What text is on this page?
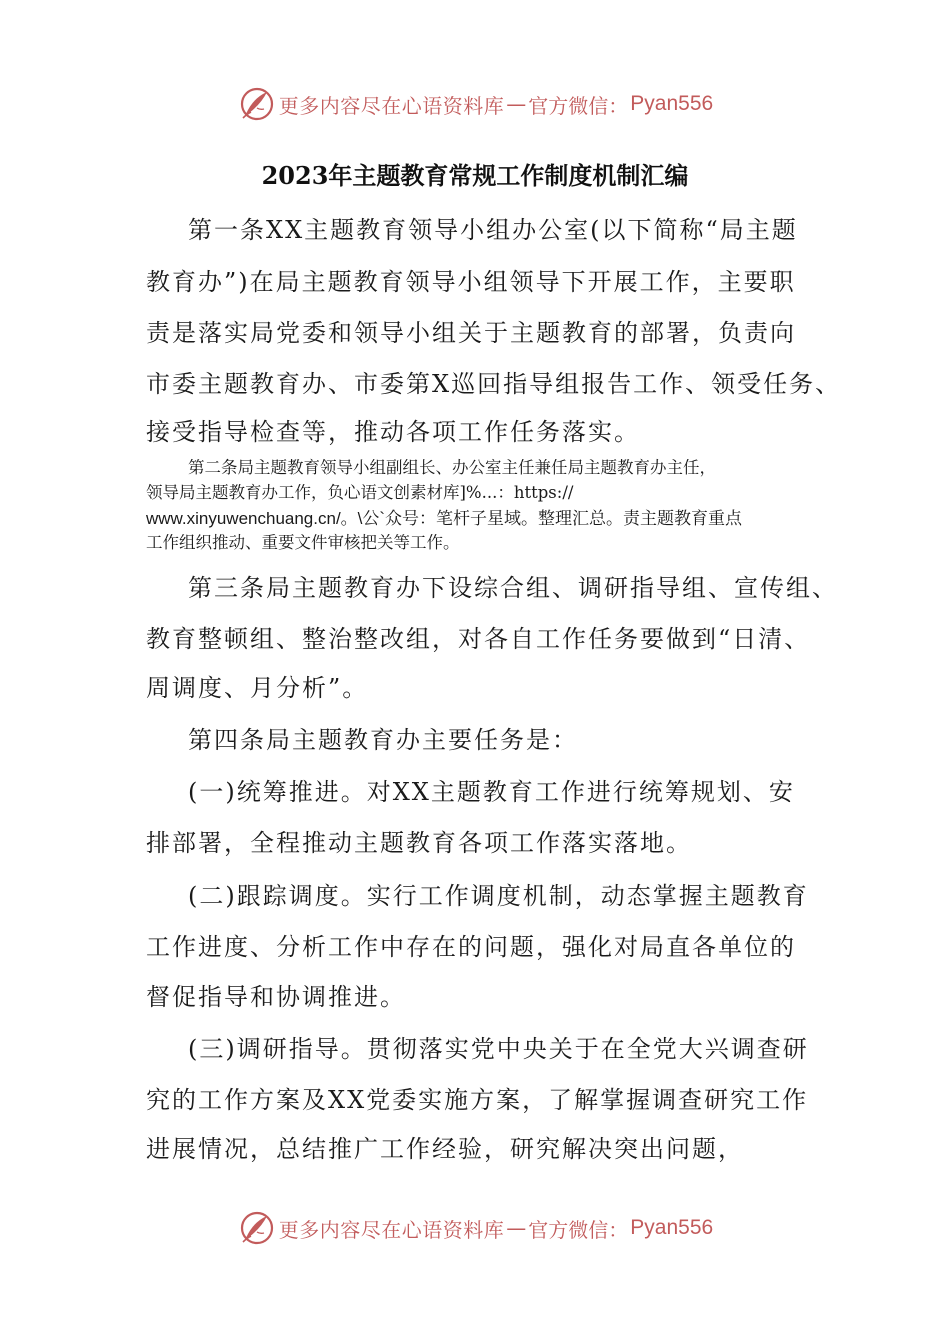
更多内容尽在心语资料库 — 官方微信： Pyan556
2023年主题教育常规工作制度机制汇编
第一条XX主题教育领导小组办公室(以下简称“局主题
教育办”)在局主题教育领导小组领导下开展工作，主要职
责是落实局党委和领导小组关于主题教育的部署，负责向
市委主题教育办、市委第X巡回指导组报告工作、领受任务、
接受指导检查等，推动各项工作任务落实。
第二条局主题教育领导小组副组长、办公室主任兼任局主题教育办主任，
领导局主题教育办工作，负心语文创素材库]%...：https://
www.xinyuwenchuang.cn/。\公`众号：笔杆子星域。整理汇总。责主题教育重点
工作组织推动、重要文件审核把关等工作。
第三条局主题教育办下设综合组、调研指导组、宣传组、
教育整顿组、整治整改组，对各自工作任务要做到“日清、
周调度、月分析”。
第四条局主题教育办主要任务是：
(一)统筹推进。对XX主题教育工作进行统筹规划、安
排部署，全程推动主题教育各项工作落实落地。
(二)跟踪调度。实行工作调度机制，动态掌握主题教育
工作进度、分析工作中存在的问题，强化对局直各单位的
督促指导和协调推进。
(三)调研指导。贯彻落实党中央关于在全党大兴调查研
究的工作方案及XX党委实施方案，了解掌握调查研究工作
进展情况，总结推广工作经验，研究解决突出问题，
更多内容尽在心语资料库 — 官方微信： Pyan556
